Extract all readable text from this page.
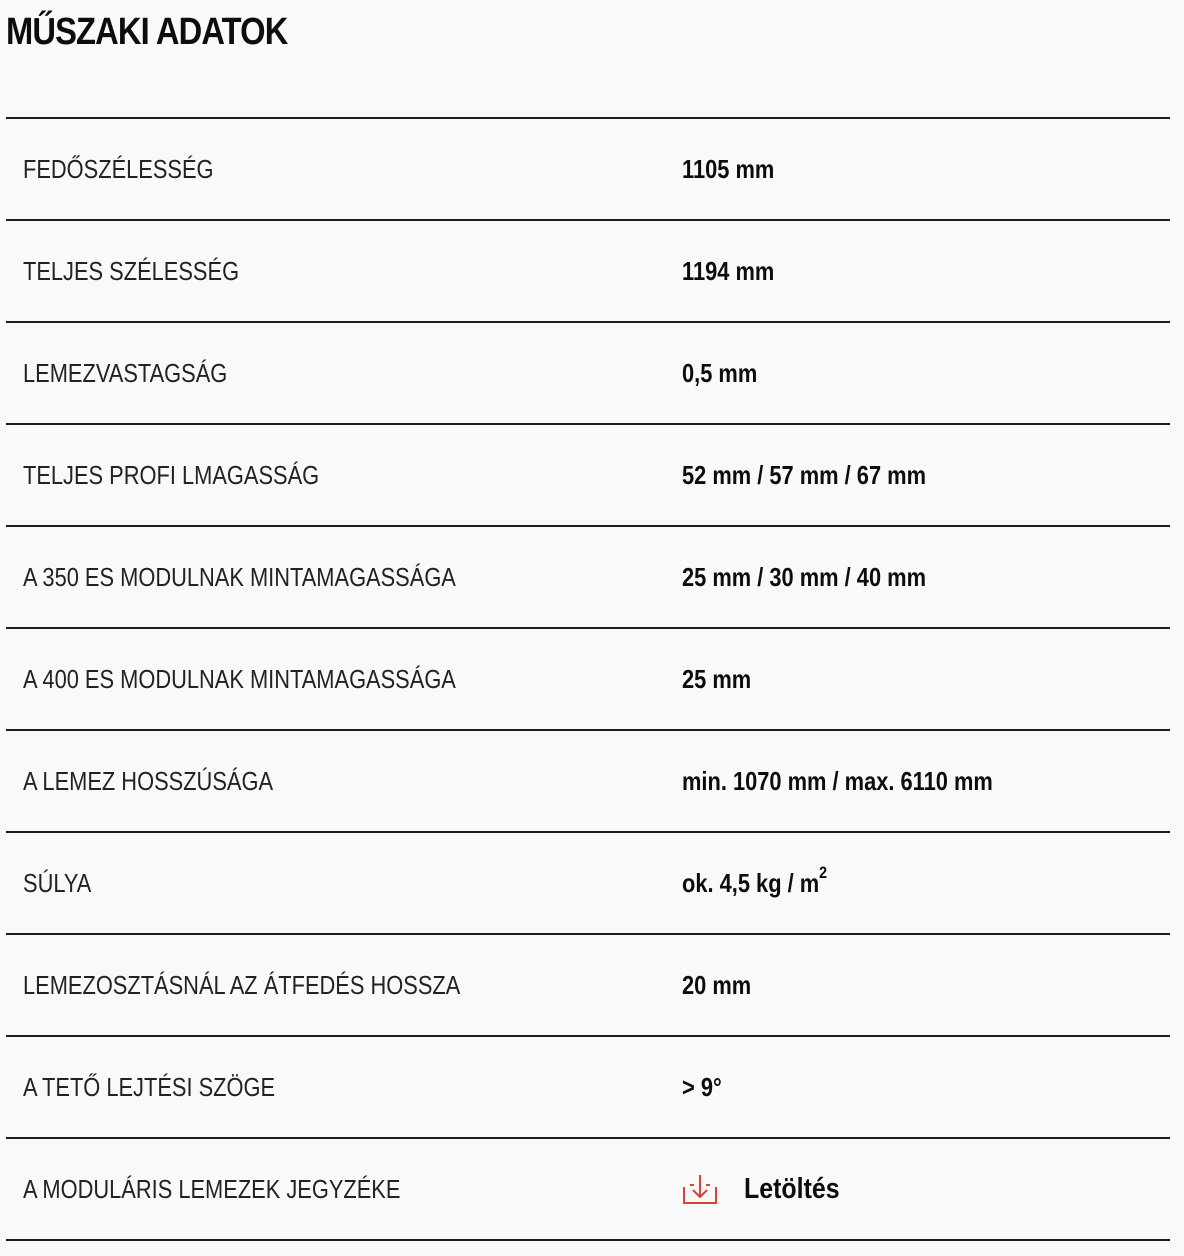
MŰSZAKI ADATOK
FEDŐSZÉLESSÉG	1105 mm
TELJES SZÉLESSÉG	1194 mm
LEMEZVASTAGSÁG	0,5 mm
TELJES PROFI LMAGASSÁG	52 mm / 57 mm / 67 mm
A 350 ES MODULNAK MINTAMAGASSÁGA	25 mm / 30 mm / 40 mm
A 400 ES MODULNAK MINTAMAGASSÁGA	25 mm
A LEMEZ HOSSZÚSÁGA	min. 1070 mm / max. 6110 mm
SÚLYA	ok. 4,5 kg / $m^2$
LEMEZOSZTÁSNÁL AZ ÁTFEDÉS HOSSZA	20 mm
A TETŐ LEJTÉSI SZÖGE	> 9°
A MODULÁRIS LEMEZEK JEGYZÉKE	Letöltés
